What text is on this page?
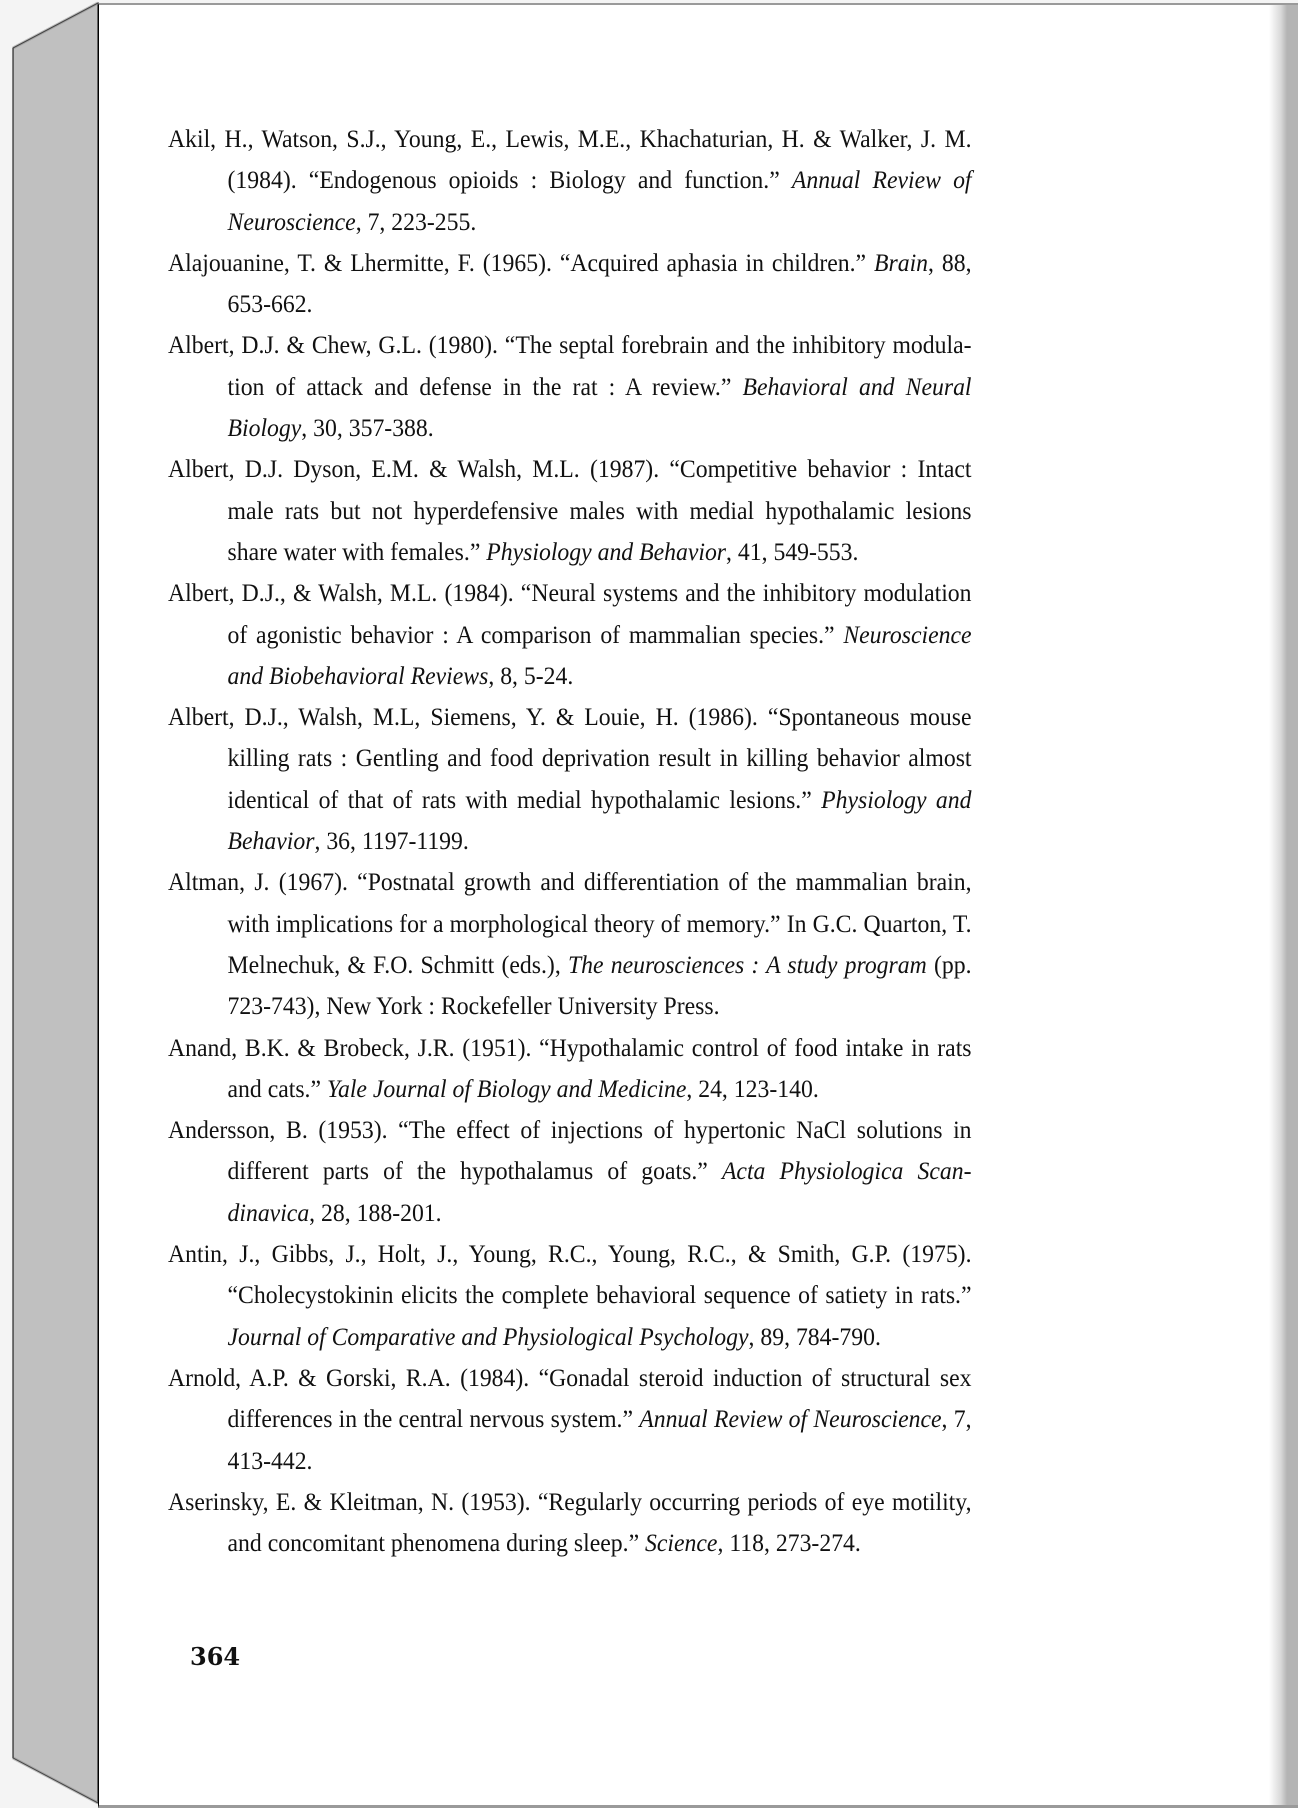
Akil, H., Watson, S.J., Young, E., Lewis, M.E., Khachaturian, H. & Walker, J. M. (1984). “Endogenous opioids : Biology and function.” Annual Review of Neuroscience, 7, 223-255.

Alajouanine, T. & Lhermitte, F. (1965). “Acquired aphasia in children.” Brain, 88, 653-662.

Albert, D.J. & Chew, G.L. (1980). “The septal forebrain and the inhibitory modula-tion of attack and defense in the rat : A review.” Behavioral and Neural Biology, 30, 357-388.

Albert, D.J. Dyson, E.M. & Walsh, M.L. (1987). “Competitive behavior : Intact male rats but not hyperdefensive males with medial hypothalamic lesions share water with females.” Physiology and Behavior, 41, 549-553.

Albert, D.J., & Walsh, M.L. (1984). “Neural systems and the inhibitory modulation of agonistic behavior : A comparison of mammalian species.” Neuroscience and Biobehavioral Reviews, 8, 5-24.

Albert, D.J., Walsh, M.L, Siemens, Y. & Louie, H. (1986). “Spontaneous mouse killing rats : Gentling and food deprivation result in killing behavior almost identical of that of rats with medial hypothalamic lesions.” Physiology and Behavior, 36, 1197-1199.

Altman, J. (1967). “Postnatal growth and differentiation of the mammalian brain, with implications for a morphological theory of memory.” In G.C. Quarton, T. Melnechuk, & F.O. Schmitt (eds.), The neurosciences : A study program (pp. 723-743), New York : Rockefeller University Press.

Anand, B.K. & Brobeck, J.R. (1951). “Hypothalamic control of food intake in rats and cats.” Yale Journal of Biology and Medicine, 24, 123-140.

Andersson, B. (1953). “The effect of injections of hypertonic NaCl solutions in different parts of the hypothalamus of goats.” Acta Physiologica Scan-dinavica, 28, 188-201.

Antin, J., Gibbs, J., Holt, J., Young, R.C., Young, R.C., & Smith, G.P. (1975). “Cholecystokinin elicits the complete behavioral sequence of satiety in rats.” Journal of Comparative and Physiological Psychology, 89, 784-790.

Arnold, A.P. & Gorski, R.A. (1984). “Gonadal steroid induction of structural sex differences in the central nervous system.” Annual Review of Neuroscience, 7, 413-442.

Aserinsky, E. & Kleitman, N. (1953). “Regularly occurring periods of eye motility, and concomitant phenomena during sleep.” Science, 118, 273-274.

364
